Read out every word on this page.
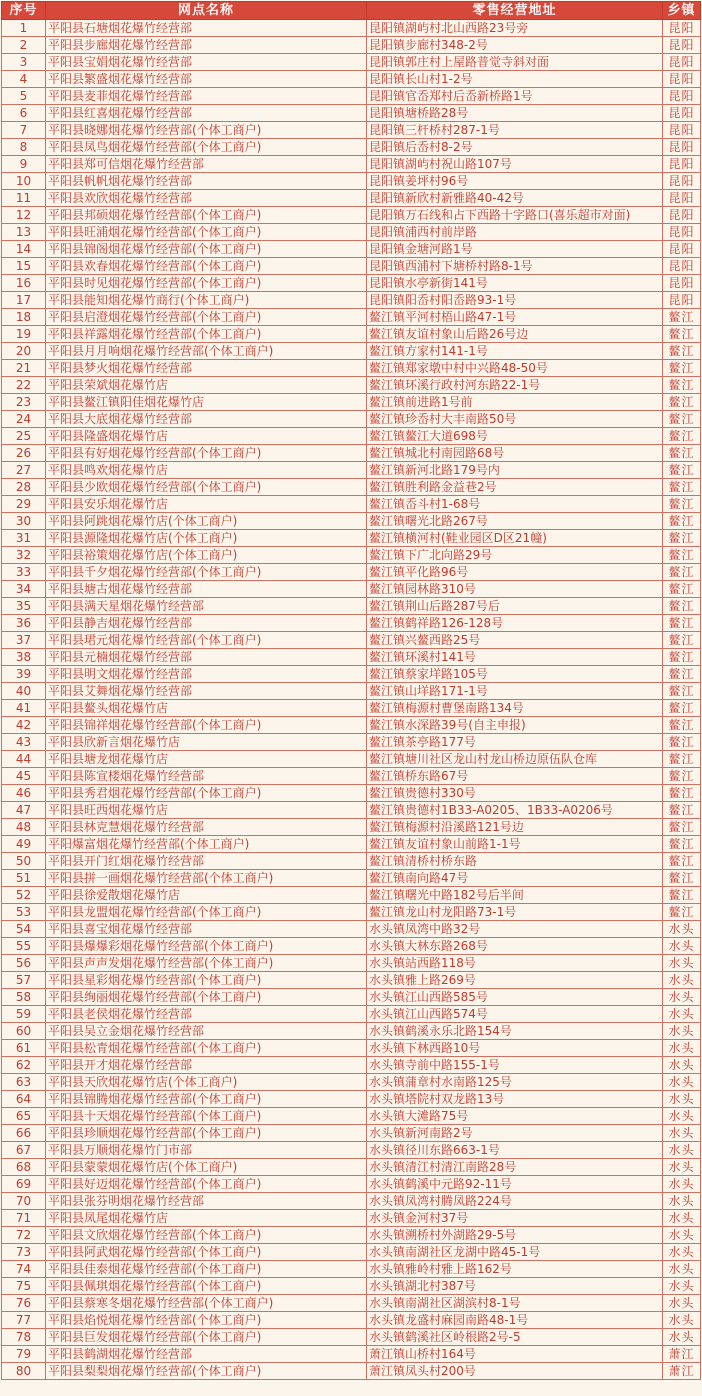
序号	网点名称	零售经营地址	乡镇
1	平阳县石塘烟花爆竹经营部	昆阳镇湖屿村北山西路23号旁	昆阳
2	平阳县步廊烟花爆竹经营部	昆阳镇步廊村348-2号	昆阳
3	平阳县宝娟烟花爆竹经营部	昆阳镇郭庄村上屋路普觉寺斜对面	昆阳
4	平阳县繁盛烟花爆竹经营部	昆阳镇长山村1-2号	昆阳
5	平阳县麦菲烟花爆竹经营部	昆阳镇官岙郑村后岙新桥路1号	昆阳
6	平阳县红喜烟花爆竹经营部	昆阳镇塘桥路28号	昆阳
7	平阳县晓娜烟花爆竹经营部(个体工商户)	昆阳镇三杆桥村287-1号	昆阳
8	平阳县凤鸟烟花爆竹经营部(个体工商户)	昆阳镇后岙村8-2号	昆阳
9	平阳县郑可信烟花爆竹经营部	昆阳镇湖屿村祝山路107号	昆阳
10	平阳县帆帆烟花爆竹经营部	昆阳镇姜坪村96号	昆阳
11	平阳县欢欣烟花爆竹经营部	昆阳镇新欣村新雅路40-42号	昆阳
12	平阳县邦硕烟花爆竹经营部(个体工商户)	昆阳镇万石线和占下西路十字路口(喜乐超市对面)	昆阳
13	平阳县旺浦烟花爆竹经营部(个体工商户)	昆阳镇浦西村前岸路	昆阳
14	平阳县锦阁烟花爆竹经营部(个体工商户)	昆阳镇金塘河路1号	昆阳
15	平阳县欢春烟花爆竹经营部(个体工商户)	昆阳镇西浦村下塘桥村路8-1号	昆阳
16	平阳县时见烟花爆竹经营部(个体工商户)	昆阳镇水亭新街141号	昆阳
17	平阳县能知烟花爆竹商行(个体工商户)	昆阳镇阳岙村阳岙路93-1号	昆阳
18	平阳县启澄烟花爆竹经营部(个体工商户)	鳌江镇平河村梧山路47-1号	鳌江
19	平阳县祥露烟花爆竹经营部(个体工商户)	鳌江镇友谊村象山后路26号边	鳌江
20	平阳县月月响烟花爆竹经营部(个体工商户)	鳌江镇方家村141-1号	鳌江
21	平阳县梦火烟花爆竹经营部	鳌江镇郑家墩中村中兴路48-50号	鳌江
22	平阳县荣斌烟花爆竹店	鳌江镇环溪行政村河东路22-1号	鳌江
23	平阳县鳌江镇阳佳烟花爆竹店	鳌江镇前进路1号前	鳌江
24	平阳县大底烟花爆竹经营部	鳌江镇珍岙村大丰南路50号	鳌江
25	平阳县隆盛烟花爆竹店	鳌江镇鳌江大道698号	鳌江
26	平阳县有好烟花爆竹经营部(个体工商户)	鳌江镇城北村南园路68号	鳌江
27	平阳县鸣欢烟花爆竹店	鳌江镇新河北路179号内	鳌江
28	平阳县少欧烟花爆竹经营部(个体工商户)	鳌江镇胜利路金益巷2号	鳌江
29	平阳县安乐烟花爆竹店	鳌江镇岙斗村1-68号	鳌江
30	平阳县阿跳烟花爆竹店(个体工商户)	鳌江镇曙光北路267号	鳌江
31	平阳县源隆烟花爆竹店(个体工商户)	鳌江镇横河村(鞋业园区D区21幢)	鳌江
32	平阳县裕策烟花爆竹店(个体工商户)	鳌江镇下广北向路29号	鳌江
33	平阳县千夕烟花爆竹经营部(个体工商户)	鳌江镇平化路96号	鳌江
34	平阳县塘古烟花爆竹经营部	鳌江镇园林路310号	鳌江
35	平阳县满天星烟花爆竹经营部	鳌江镇荆山后路287号后	鳌江
36	平阳县静吉烟花爆竹经营部	鳌江镇鹤祥路126-128号	鳌江
37	平阳县珺元烟花爆竹经营部(个体工商户)	鳌江镇兴鳌西路25号	鳌江
38	平阳县元楠烟花爆竹经营部	鳌江镇环溪村141号	鳌江
39	平阳县明文烟花爆竹经营部	鳌江镇蔡家垟路105号	鳌江
40	平阳县艾舞烟花爆竹经营部	鳌江镇山垟路171-1号	鳌江
41	平阳县鳌头烟花爆竹店	鳌江镇梅源村曹堡南路134号	鳌江
42	平阳县锦祥烟花爆竹经营部(个体工商户)	鳌江镇水深路39号(自主申报)	鳌江
43	平阳县欣新言烟花爆竹店	鳌江镇茶亭路177号	鳌江
44	平阳县塘龙烟花爆竹店	鳌江镇塘川社区龙山村龙山桥边原伍队仓库	鳌江
45	平阳县陈宣楼烟花爆竹经营部	鳌江镇桥东路67号	鳌江
46	平阳县秀君烟花爆竹经营部(个体工商户)	鳌江镇贵德村330号	鳌江
47	平阳县旺西烟花爆竹店	鳌江镇贵德村1B33-A0205、1B33-A0206号	鳌江
48	平阳县林克慧烟花爆竹经营部	鳌江镇梅源村沿溪路121号边	鳌江
49	平阳爆富烟花爆竹经营部(个体工商户)	鳌江镇友谊村象山前路1-1号	鳌江
50	平阳县开门红烟花爆竹经营部	鳌江镇清桥村桥东路	鳌江
51	平阳县拼一画烟花爆竹经营部(个体工商户)	鳌江镇南向路47号	鳌江
52	平阳县徐爱散烟花爆竹店	鳌江镇曙光中路182号后半间	鳌江
53	平阳县龙盟烟花爆竹经营部(个体工商户)	鳌江镇龙山村龙阳路73-1号	鳌江
54	平阳县喜宝烟花爆竹经营部	水头镇凤湾中路32号	水头
55	平阳县爆爆彩烟花爆竹经营部(个体工商户)	水头镇大林东路268号	水头
56	平阳县声声发烟花爆竹经营部(个体工商户)	水头镇站西路118号	水头
57	平阳县星彩烟花爆竹经营部(个体工商户)	水头镇雅上路269号	水头
58	平阳县绚丽烟花爆竹经营部(个体工商户)	水头镇江山西路585号	水头
59	平阳县老侯烟花爆竹经营部	水头镇江山西路574号	水头
60	平阳县吴立金烟花爆竹经营部	水头镇鹤溪永乐北路154号	水头
61	平阳县松青烟花爆竹经营部(个体工商户)	水头镇下林西路10号	水头
62	平阳县开才烟花爆竹经营部	水头镇寺前中路155-1号	水头
63	平阳县天欣烟花爆竹店(个体工商户)	水头镇蒲章村水南路125号	水头
64	平阳县锦腾烟花爆竹经营部(个体工商户)	水头镇塔院村双龙路13号	水头
65	平阳县十天烟花爆竹经营部(个体工商户)	水头镇大滩路75号	水头
66	平阳县珍顺烟花爆竹经营部(个体工商户)	水头镇新河南路2号	水头
67	平阳县万顺烟花爆竹门市部	水头镇径川东路663-1号	水头
68	平阳县蒙蒙烟花爆竹店(个体工商户)	水头镇清江村清江南路28号	水头
69	平阳县好迈烟花爆竹经营部(个体工商户)	水头镇鹤溪中元路92-11号	水头
70	平阳县张芬明烟花爆竹经营部	水头镇凤湾村腾凤路224号	水头
71	平阳县凤尾烟花爆竹店	水头镇金河村37号	水头
72	平阳县文欣烟花爆竹经营部(个体工商户)	水头镇溯桥村外湖路29-5号	水头
73	平阳县阿武烟花爆竹经营部(个体工商户)	水头镇南湖社区龙湖中路45-1号	水头
74	平阳县佳泰烟花爆竹经营部(个体工商户)	水头镇雅岭村雅上路162号	水头
75	平阳县佩琪烟花爆竹经营部(个体工商户)	水头镇湖北村387号	水头
76	平阳县蔡寒冬烟花爆竹经营部(个体工商户)	水头镇南湖社区湖滨村8-1号	水头
77	平阳县焰悦烟花爆竹经营部(个体工商户)	水头镇龙盛村麻园南路48-1号	水头
78	平阳县巨发烟花爆竹经营部(个体工商户)	水头镇鹤溪社区岭根路2号-5	水头
79	平阳县鹤湖烟花爆竹经营部	萧江镇山桥村164号	萧江
80	平阳县梨梨烟花爆竹经营部(个体工商户)	萧江镇凤头村200号	萧江
